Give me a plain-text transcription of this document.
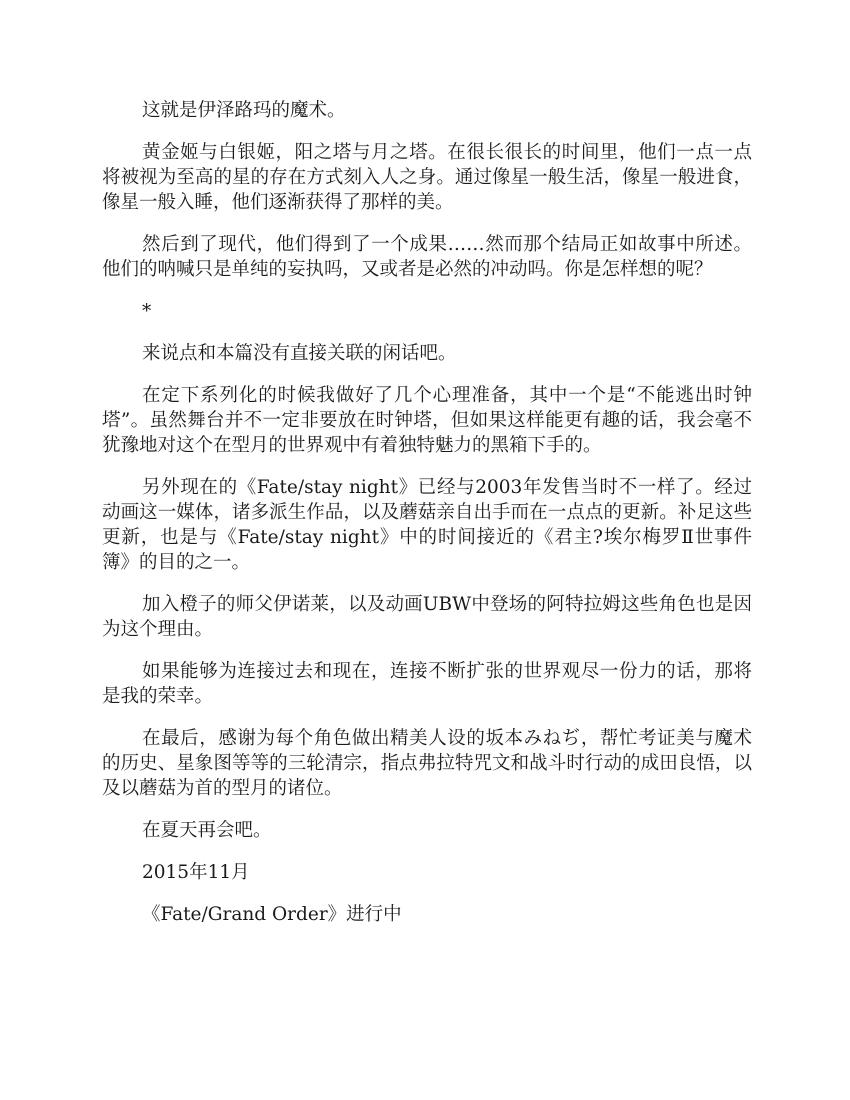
这就是伊泽路玛的魔术。

黄金姬与白银姬，阳之塔与月之塔。在很长很长的时间里，他们一点一点将被视为至高的星的存在方式刻入人之身。通过像星一般生活，像星一般进食，像星一般入睡，他们逐渐获得了那样的美。

然后到了现代，他们得到了一个成果……然而那个结局正如故事中所述。他们的呐喊只是单纯的妄执吗，又或者是必然的冲动吗。你是怎样想的呢？

*

来说点和本篇没有直接关联的闲话吧。

在定下系列化的时候我做好了几个心理准备，其中一个是“不能逃出时钟塔”。虽然舞台并不一定非要放在时钟塔，但如果这样能更有趣的话，我会毫不犹豫地对这个在型月的世界观中有着独特魅力的黑箱下手的。

另外现在的《Fate/stay night》已经与2003年发售当时不一样了。经过动画这一媒体，诸多派生作品，以及蘑菇亲自出手而在一点点的更新。补足这些更新，也是与《Fate/stay night》中的时间接近的《君主?埃尔梅罗Ⅱ世事件簿》的目的之一。

加入橙子的师父伊诺莱，以及动画UBW中登场的阿特拉姆这些角色也是因为这个理由。

如果能够为连接过去和现在，连接不断扩张的世界观尽一份力的话，那将是我的荣幸。

在最后，感谢为每个角色做出精美人设的坂本みねぢ，帮忙考证美与魔术的历史、星象图等等的三轮清宗，指点弗拉特咒文和战斗时行动的成田良悟，以及以蘑菇为首的型月的诸位。

在夏天再会吧。

2015年11月

《Fate/Grand Order》进行中
